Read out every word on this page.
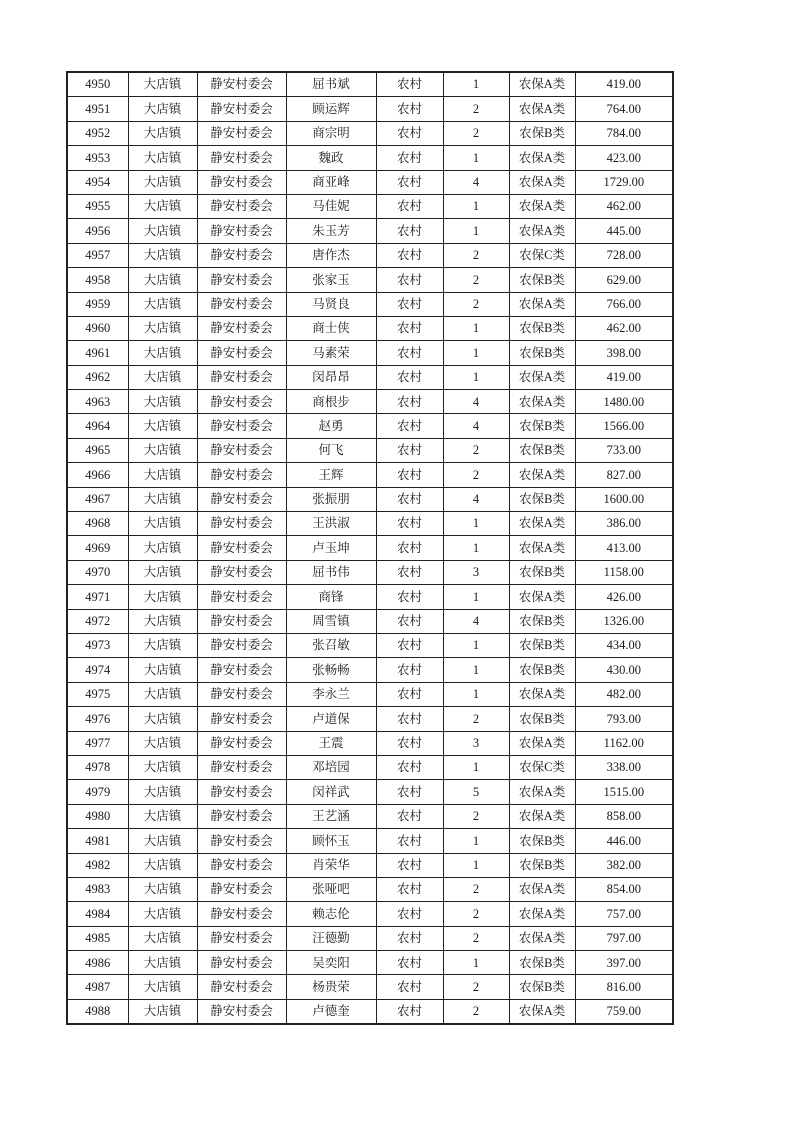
4950	大店镇	静安村委会	屈书斌	农村	1	农保A类	419.00
4951	大店镇	静安村委会	顾运辉	农村	2	农保A类	764.00
4952	大店镇	静安村委会	商宗明	农村	2	农保B类	784.00
4953	大店镇	静安村委会	魏政	农村	1	农保A类	423.00
4954	大店镇	静安村委会	商亚峰	农村	4	农保A类	1729.00
4955	大店镇	静安村委会	马佳妮	农村	1	农保A类	462.00
4956	大店镇	静安村委会	朱玉芳	农村	1	农保A类	445.00
4957	大店镇	静安村委会	唐作杰	农村	2	农保C类	728.00
4958	大店镇	静安村委会	张家玉	农村	2	农保B类	629.00
4959	大店镇	静安村委会	马贤良	农村	2	农保A类	766.00
4960	大店镇	静安村委会	商士侠	农村	1	农保B类	462.00
4961	大店镇	静安村委会	马素荣	农村	1	农保B类	398.00
4962	大店镇	静安村委会	闵昂昂	农村	1	农保A类	419.00
4963	大店镇	静安村委会	商根步	农村	4	农保A类	1480.00
4964	大店镇	静安村委会	赵勇	农村	4	农保B类	1566.00
4965	大店镇	静安村委会	何飞	农村	2	农保B类	733.00
4966	大店镇	静安村委会	王辉	农村	2	农保A类	827.00
4967	大店镇	静安村委会	张振朋	农村	4	农保B类	1600.00
4968	大店镇	静安村委会	王洪淑	农村	1	农保A类	386.00
4969	大店镇	静安村委会	卢玉坤	农村	1	农保A类	413.00
4970	大店镇	静安村委会	屈书伟	农村	3	农保B类	1158.00
4971	大店镇	静安村委会	商锋	农村	1	农保A类	426.00
4972	大店镇	静安村委会	周雪镇	农村	4	农保B类	1326.00
4973	大店镇	静安村委会	张召敏	农村	1	农保B类	434.00
4974	大店镇	静安村委会	张畅畅	农村	1	农保B类	430.00
4975	大店镇	静安村委会	李永兰	农村	1	农保A类	482.00
4976	大店镇	静安村委会	卢道保	农村	2	农保B类	793.00
4977	大店镇	静安村委会	王震	农村	3	农保A类	1162.00
4978	大店镇	静安村委会	邓培园	农村	1	农保C类	338.00
4979	大店镇	静安村委会	闵祥武	农村	5	农保A类	1515.00
4980	大店镇	静安村委会	王艺涵	农村	2	农保A类	858.00
4981	大店镇	静安村委会	顾怀玉	农村	1	农保B类	446.00
4982	大店镇	静安村委会	肖荣华	农村	1	农保B类	382.00
4983	大店镇	静安村委会	张哑吧	农村	2	农保A类	854.00
4984	大店镇	静安村委会	赖志伦	农村	2	农保A类	757.00
4985	大店镇	静安村委会	汪德勤	农村	2	农保A类	797.00
4986	大店镇	静安村委会	吴奕阳	农村	1	农保B类	397.00
4987	大店镇	静安村委会	杨贵荣	农村	2	农保B类	816.00
4988	大店镇	静安村委会	卢德奎	农村	2	农保A类	759.00
